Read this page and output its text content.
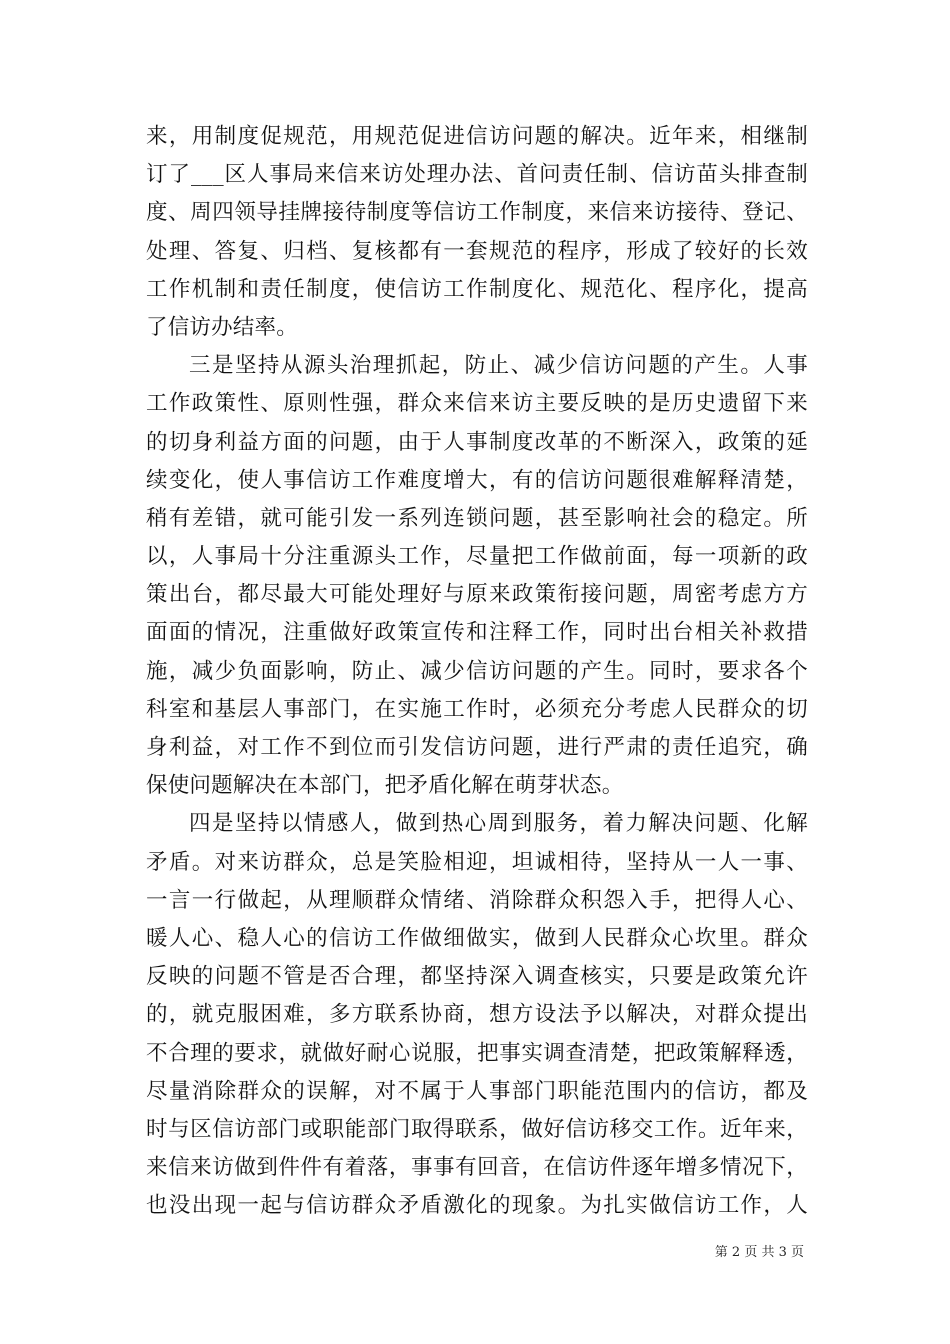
来，用制度促规范，用规范促进信访问题的解决。近年来，相继制
订了___区人事局来信来访处理办法、首问责任制、信访苗头排查制
度、周四领导挂牌接待制度等信访工作制度，来信来访接待、登记、
处理、答复、归档、复核都有一套规范的程序，形成了较好的长效
工作机制和责任制度，使信访工作制度化、规范化、程序化，提高
了信访办结率。
三是坚持从源头治理抓起，防止、减少信访问题的产生。人事
工作政策性、原则性强，群众来信来访主要反映的是历史遗留下来
的切身利益方面的问题，由于人事制度改革的不断深入，政策的延
续变化，使人事信访工作难度增大，有的信访问题很难解释清楚，
稍有差错，就可能引发一系列连锁问题，甚至影响社会的稳定。所
以，人事局十分注重源头工作，尽量把工作做前面，每一项新的政
策出台，都尽最大可能处理好与原来政策衔接问题，周密考虑方方
面面的情况，注重做好政策宣传和注释工作，同时出台相关补救措
施，减少负面影响，防止、减少信访问题的产生。同时，要求各个
科室和基层人事部门，在实施工作时，必须充分考虑人民群众的切
身利益，对工作不到位而引发信访问题，进行严肃的责任追究，确
保使问题解决在本部门，把矛盾化解在萌芽状态。
四是坚持以情感人，做到热心周到服务，着力解决问题、化解
矛盾。对来访群众，总是笑脸相迎，坦诚相待，坚持从一人一事、
一言一行做起，从理顺群众情绪、消除群众积怨入手，把得人心、
暖人心、稳人心的信访工作做细做实，做到人民群众心坎里。群众
反映的问题不管是否合理，都坚持深入调查核实，只要是政策允许
的，就克服困难，多方联系协商，想方设法予以解决，对群众提出
不合理的要求，就做好耐心说服，把事实调查清楚，把政策解释透，
尽量消除群众的误解，对不属于人事部门职能范围内的信访，都及
时与区信访部门或职能部门取得联系，做好信访移交工作。近年来，
来信来访做到件件有着落，事事有回音，在信访件逐年增多情况下，
也没出现一起与信访群众矛盾激化的现象。为扎实做信访工作，人
第 2 页 共 3 页
